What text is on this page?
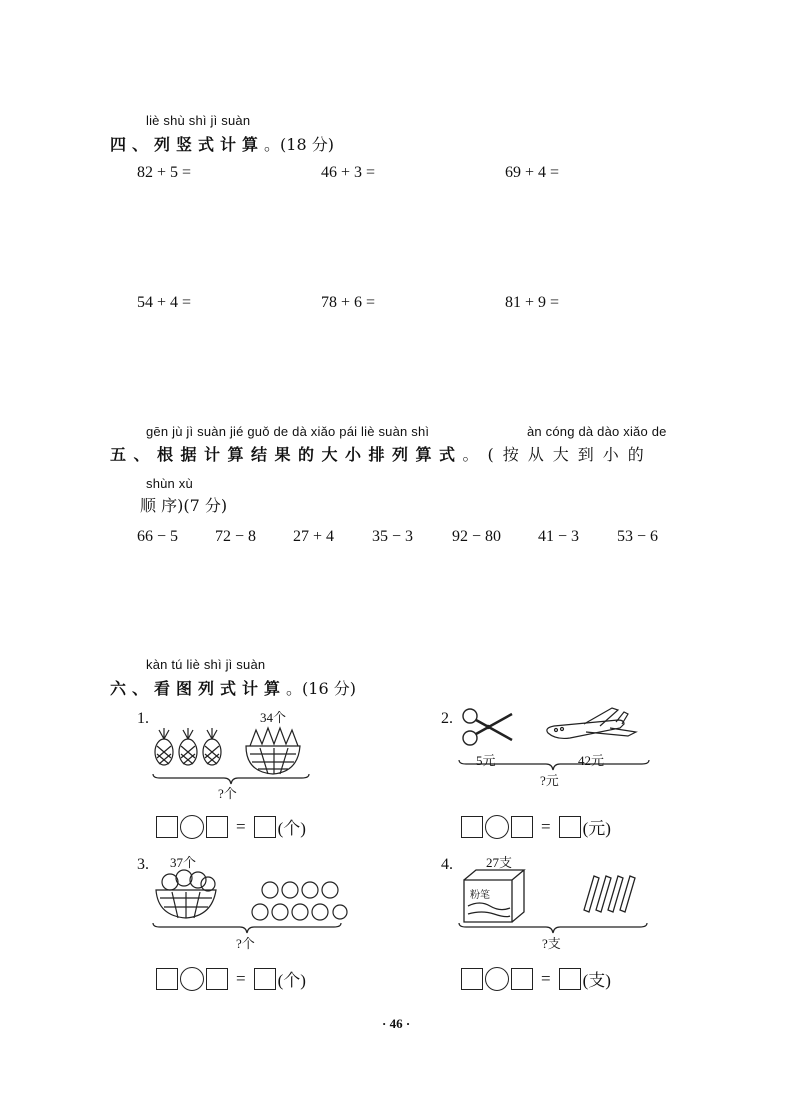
liè shù shì jì suàn
四、列竖式计算。(18 分)
82 + 5 =	46 + 3 =	69 + 4 =
54 + 4 =	78 + 6 =	81 + 9 =
gēn jù jì suàn jié guǒ de dà xiǎo pái liè suàn shì	àn cóng dà dào xiǎo de
五、根据计算结果的大小排列算式。(按从大到小的
shùn xù
顺 序)(7 分)
66 − 5 72 − 8 27 + 4 35 − 3 92 − 80 41 − 3 53 − 6
kàn tú liè shì jì suàn
六、看图列式计算。(16 分)
1.	34个
?个
= (个)
2.
5元	42元
?元
= (元)
3. 37个
?个
= (个)
4.	27支
粉笔
?支
= (支)
· 46 ·
